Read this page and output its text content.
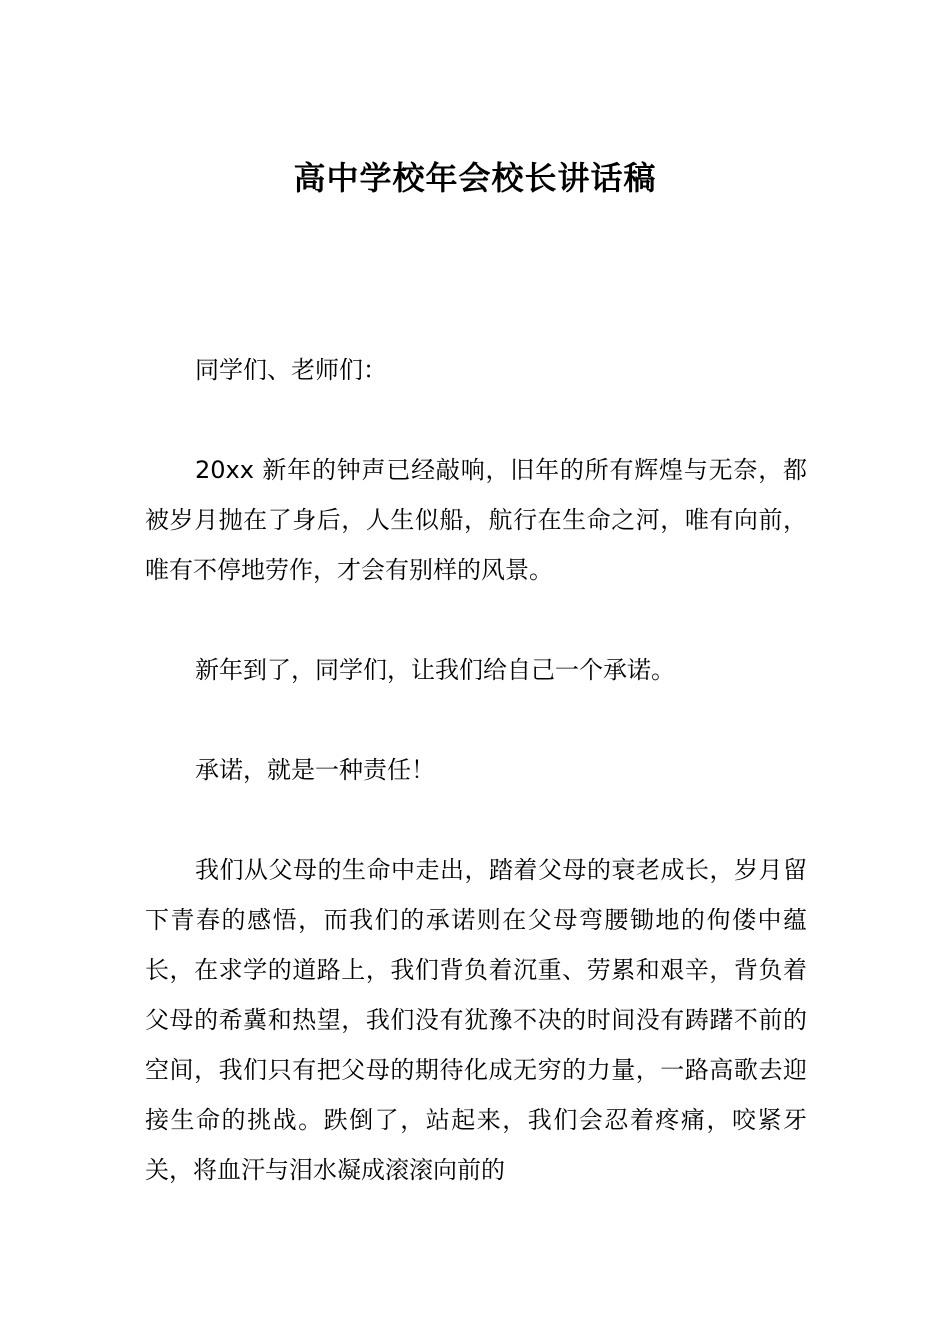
高中学校年会校长讲话稿

同学们、老师们：

20xx 新年的钟声已经敲响，旧年的所有辉煌与无奈，都被岁月抛在了身后，人生似船，航行在生命之河，唯有向前，唯有不停地劳作，才会有别样的风景。

新年到了，同学们，让我们给自己一个承诺。

承诺，就是一种责任！

我们从父母的生命中走出，踏着父母的衰老成长，岁月留下青春的感悟，而我们的承诺则在父母弯腰锄地的佝偻中蕴长，在求学的道路上，我们背负着沉重、劳累和艰辛，背负着父母的希冀和热望，我们没有犹豫不决的时间没有踌躇不前的空间，我们只有把父母的期待化成无穷的力量，一路高歌去迎接生命的挑战。跌倒了，站起来，我们会忍着疼痛，咬紧牙关，将血汗与泪水凝成滚滚向前的
